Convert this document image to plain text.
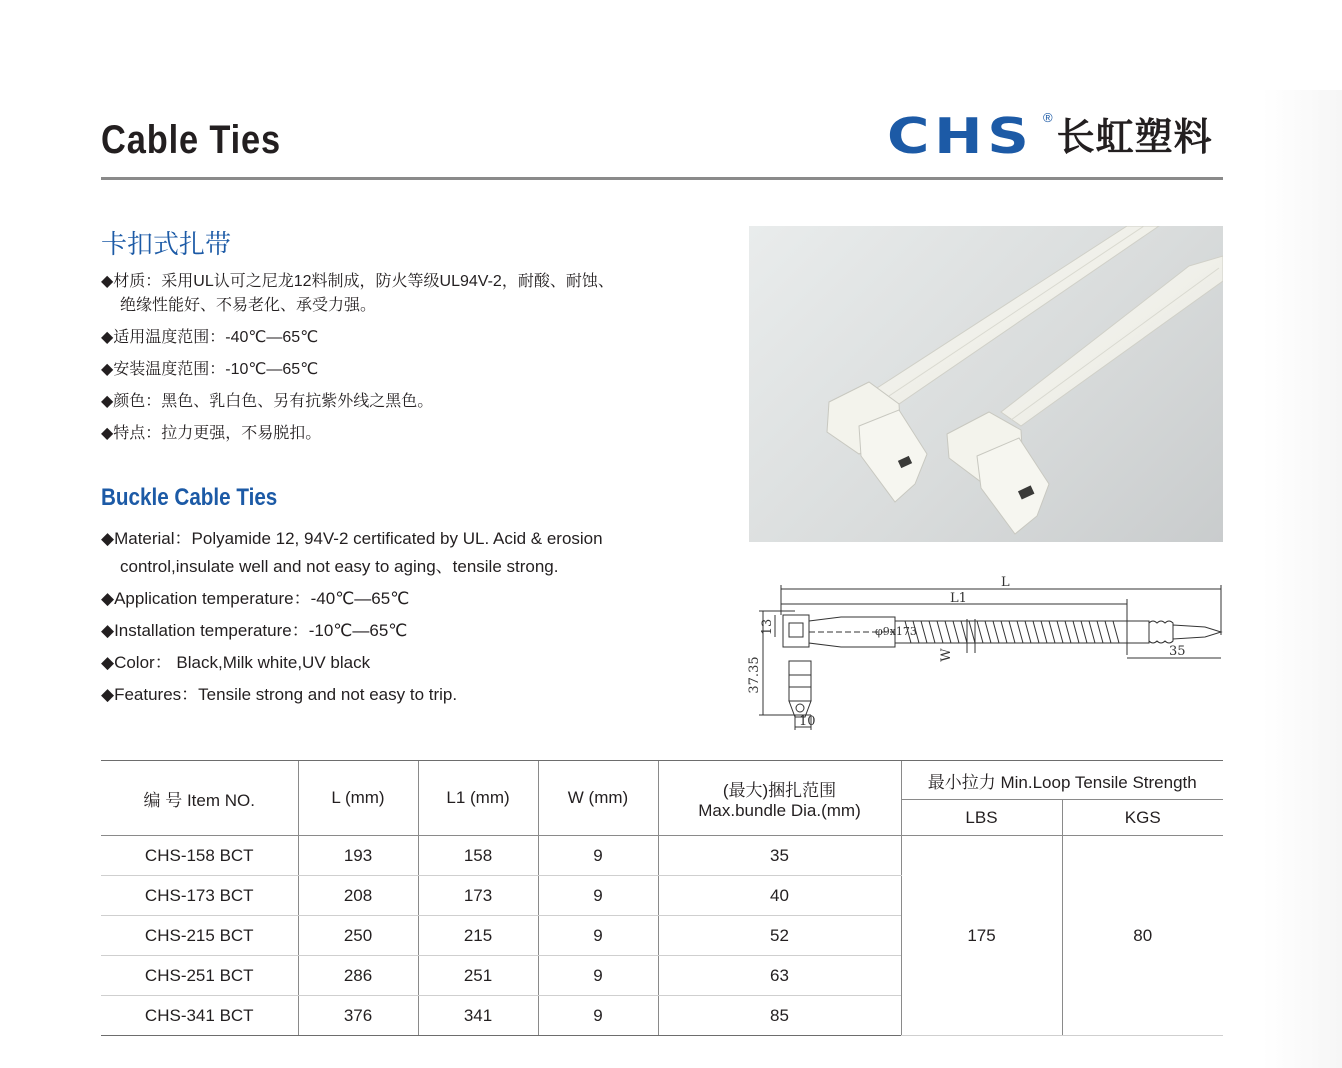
Cable Ties	CHS ® 长虹塑料
卡扣式扎带
◆材质：采用UL认可之尼龙12料制成，防火等级UL94V-2，耐酸、耐蚀、
绝缘性能好、不易老化、承受力强。
◆适用温度范围：-40℃—65℃
◆安装温度范围：-10℃—65℃
◆颜色：黑色、乳白色、另有抗紫外线之黑色。
◆特点：拉力更强，不易脱扣。
Buckle Cable Ties
◆Material：Polyamide 12, 94V-2 certificated by UL. Acid & erosion
control,insulate well and not easy to aging、tensile strong.
◆Application temperature：-40℃—65℃
◆Installation temperature：-10℃—65℃
◆Color： Black,Milk white,UV black
◆Features：Tensile strong and not easy to trip.
L
L1
35
37.35
13
W
10
φ9x173
编 号 Item NO.	L (mm)	L1 (mm)	W (mm)	(最大)捆扎范围
Max.bundle Dia.(mm)	最小拉力 Min.Loop Tensile Strength	
					LBS	KGS
CHS-158 BCT	193	158	9	35	175	80
CHS-173 BCT	208	173	9	40		
CHS-215 BCT	250	215	9	52		
CHS-251 BCT	286	251	9	63		
CHS-341 BCT	376	341	9	85		
